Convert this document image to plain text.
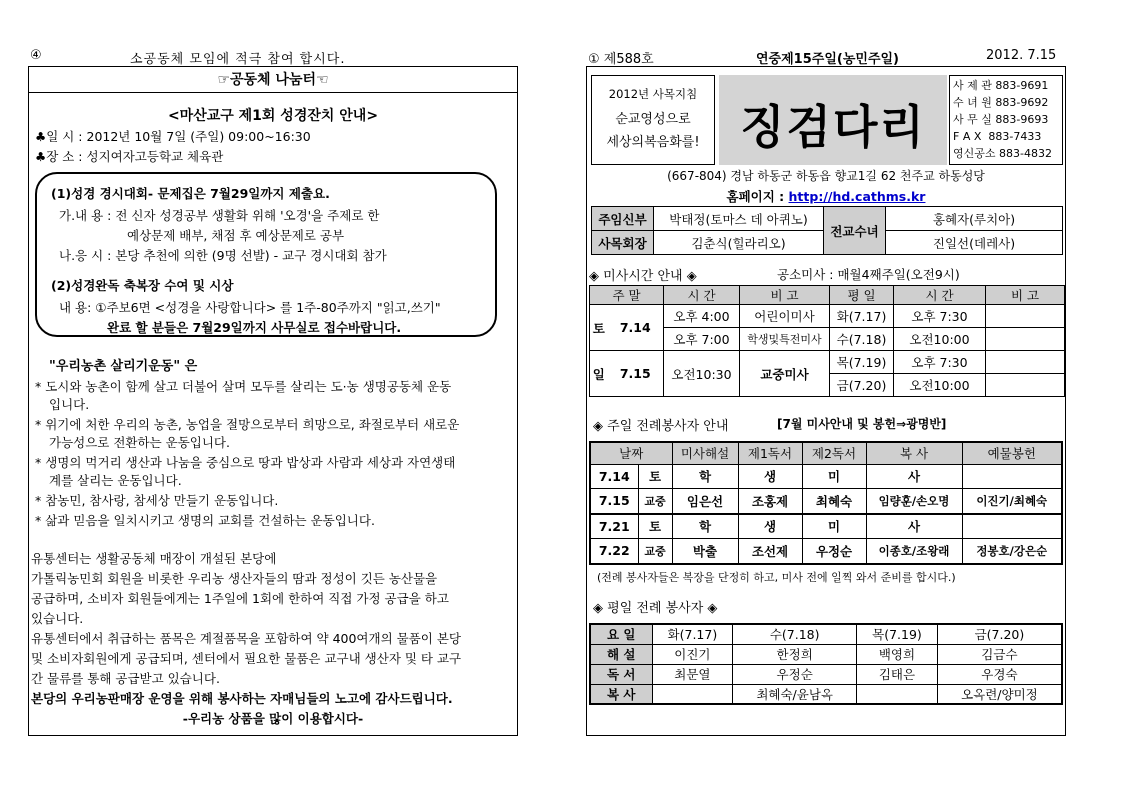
④	소공동체 모임에 적극 참여 합시다.
☞공동체 나눔터☜
<마산교구 제1회 성경잔치 안내>
♣일 시 : 2012년 10월 7일 (주일) 09:00~16:30
♣장 소 : 성지여자고등학교 체육관
(1)성경 경시대회- 문제집은 7월29일까지 제출요.
가.내 용 : 전 신자 성경공부 생활화 위해 '오경'을 주제로 한
예상문제 배부, 채점 후 예상문제로 공부
나.응 시 : 본당 추천에 의한 (9명 선발) - 교구 경시대회 참가
(2)성경완독 축복장 수여 및 시상
내 용: ①주보6면 <성경을 사랑합니다> 를 1주-80주까지 "읽고,쓰기"
완료 할 분들은 7월29일까지 사무실로 접수바랍니다.
"우리농촌 살리기운동" 은
* 도시와 농촌이 함께 살고 더불어 살며 모두를 살리는 도·농 생명공동체 운동
입니다.
* 위기에 처한 우리의 농촌, 농업을 절망으로부터 희망으로, 좌절로부터 새로운
가능성으로 전환하는 운동입니다.
* 생명의 먹거리 생산과 나눔을 중심으로 땅과 밥상과 사람과 세상과 자연생태
계를 살리는 운동입니다.
* 참농민, 참사랑, 참세상 만들기 운동입니다.
* 삶과 믿음을 일치시키고 생명의 교회를 건설하는 운동입니다.
유통센터는 생활공동체 매장이 개설된 본당에
가톨릭농민회 회원을 비롯한 우리농 생산자들의 땀과 정성이 깃든 농산물을
공급하며, 소비자 회원들에게는 1주일에 1회에 한하여 직접 가정 공급을 하고
있습니다.
유통센터에서 취급하는 품목은 계절품목을 포함하여 약 400여개의 물품이 본당
및 소비자회원에게 공급되며, 센터에서 필요한 물품은 교구내 생산자 및 타 교구
간 물류를 통해 공급받고 있습니다.
본당의 우리농판매장 운영을 위해 봉사하는 자매님들의 노고에 감사드립니다.
-우리농 상품을 많이 이용합시다-
① 제588호	연중제15주일(농민주일)	2012. 7.15
2012년 사목지침
순교영성으로
세상의복음화를! 징검다리
사 제 관 883-9691
수 녀 원 883-9692
사 무 실 883-9693
F A X 883-7433
영신공소 883-4832
(667-804) 경남 하동군 하동읍 향교1길 62 천주교 하동성당
홈페이지 : http://hd.cathms.kr
주임신부	박태정(토마스 데 아퀴노)	전교수녀	홍혜자(루치아)
사목회장	김춘식(힐라리오)		진일선(데레사)
◈ 미사시간 안내 ◈	공소미사 : 매월4째주일(오전9시)
주 말		시 간	비 고	평 일	시 간	비 고
토	7.14	오후 4:00	어린이미사	화(7.17)	오후 7:30	
		오후 7:00	학생및특전미사	수(7.18)	오전10:00	
일	7.15	오전10:30	교중미사	목(7.19)	오후 7:30	
				금(7.20)	오전10:00	
◈ 주일 전례봉사자 안내	[7월 미사안내 및 봉헌⇒광명반]
날짜		미사해설	제1독서	제2독서	복 사	예물봉헌
7.14	토	학	생	미	사	
7.15	교중	임은선	조홍제	최혜숙	임량훈/손오명	이진기/최혜숙
7.21	토	학	생	미	사	
7.22	교중	박출	조선제	우정순	이종호/조왕래	정봉호/강은순
(전례 봉사자들은 복장을 단정히 하고, 미사 전에 일찍 와서 준비를 합시다.)
◈ 평일 전례 봉사자 ◈
요 일	화(7.17)	수(7.18)	목(7.19)	금(7.20)
해 설	이진기	한정희	백영희	김금수
독 서	최문열	우정순	김태은	우경숙
복 사		최혜숙/윤남옥		오옥련/양미정
